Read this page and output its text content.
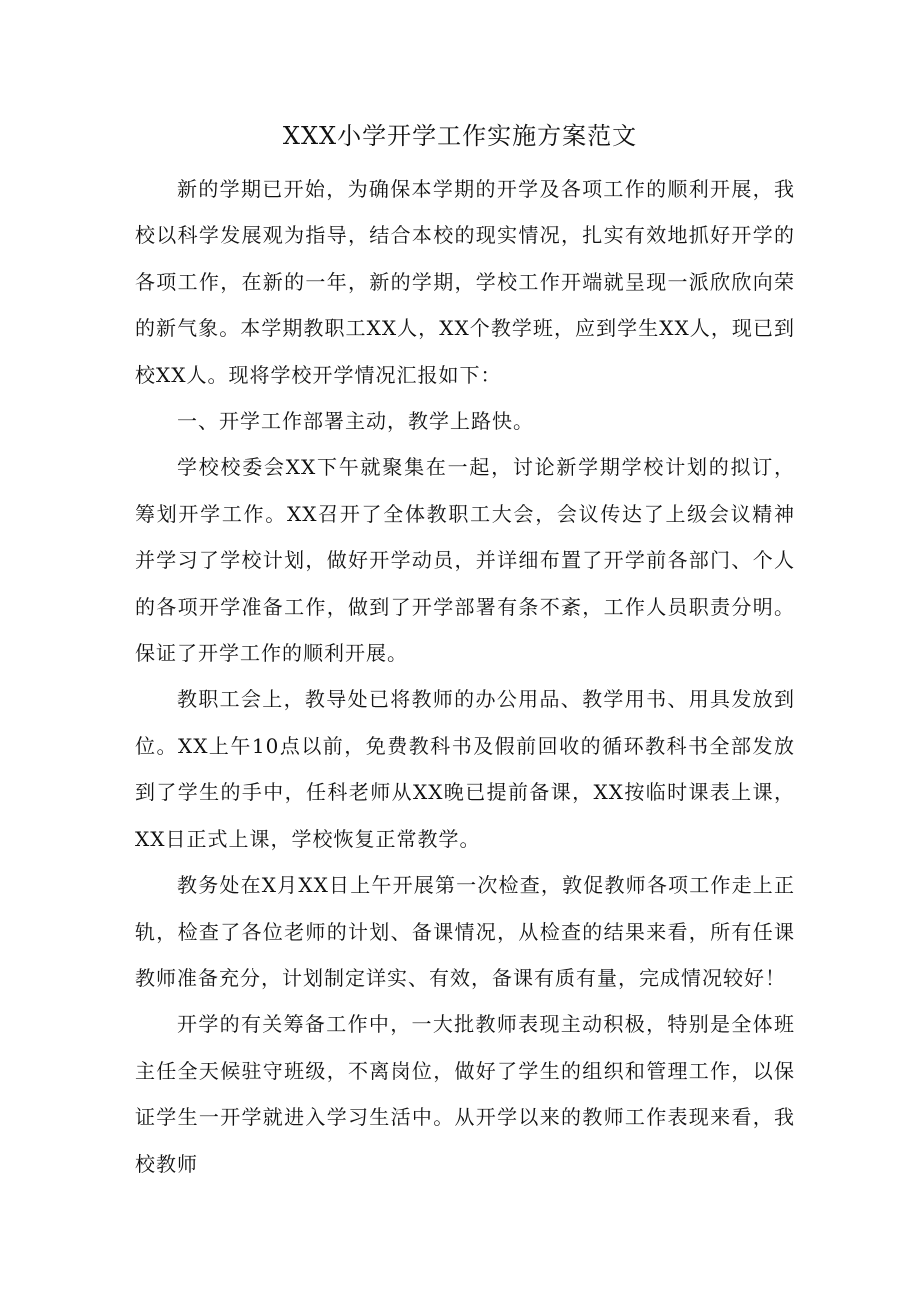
XXX小学开学工作实施方案范文

新的学期已开始，为确保本学期的开学及各项工作的顺利开展，我校以科学发展观为指导，结合本校的现实情况，扎实有效地抓好开学的各项工作，在新的一年，新的学期，学校工作开端就呈现一派欣欣向荣的新气象。本学期教职工XX人，XX个教学班，应到学生XX人，现已到校XX人。现将学校开学情况汇报如下：

一、开学工作部署主动，教学上路快。

学校校委会XX下午就聚集在一起，讨论新学期学校计划的拟订，筹划开学工作。XX召开了全体教职工大会，会议传达了上级会议精神并学习了学校计划，做好开学动员，并详细布置了开学前各部门、个人的各项开学准备工作，做到了开学部署有条不紊，工作人员职责分明。保证了开学工作的顺利开展。

教职工会上，教导处已将教师的办公用品、教学用书、用具发放到位。XX上午10点以前，免费教科书及假前回收的循环教科书全部发放到了学生的手中，任科老师从XX晚已提前备课，XX按临时课表上课，XX日正式上课，学校恢复正常教学。

教务处在X月XX日上午开展第一次检查，敦促教师各项工作走上正轨，检查了各位老师的计划、备课情况，从检查的结果来看，所有任课教师准备充分，计划制定详实、有效，备课有质有量，完成情况较好！

开学的有关筹备工作中，一大批教师表现主动积极，特别是全体班主任全天候驻守班级，不离岗位，做好了学生的组织和管理工作，以保证学生一开学就进入学习生活中。从开学以来的教师工作表现来看，我校教师
